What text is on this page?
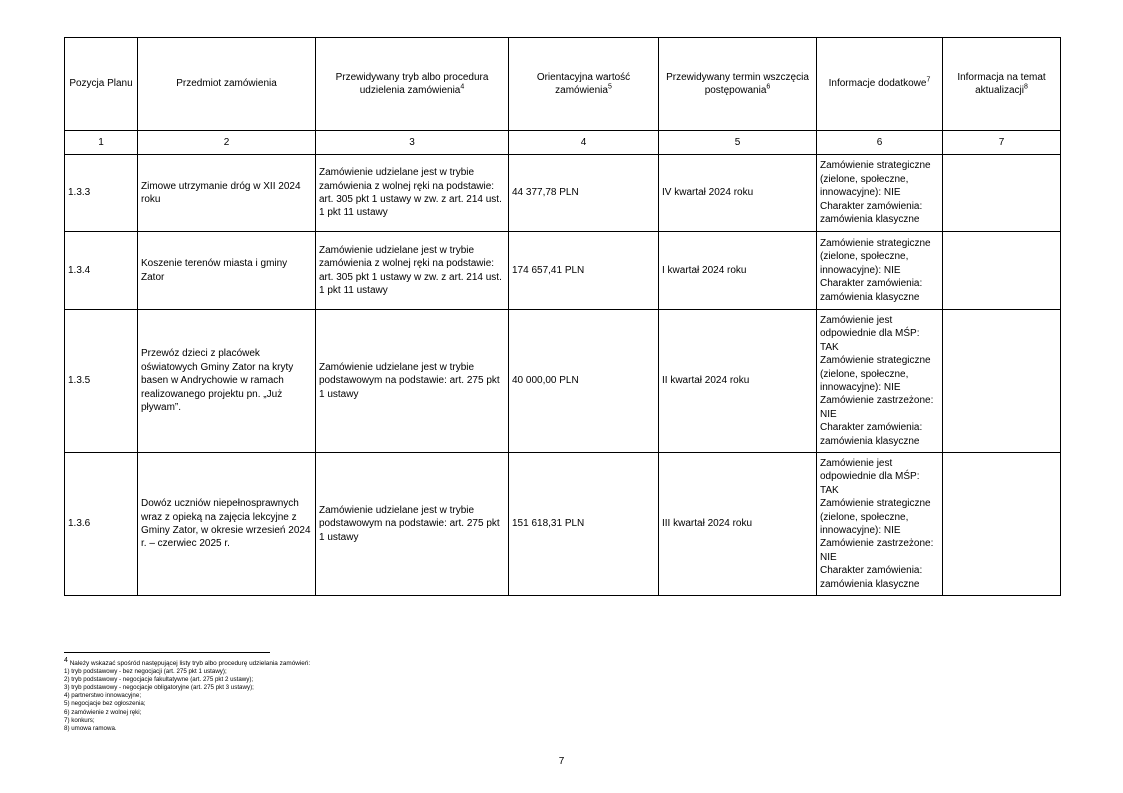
Pozycja Planu	Przedmiot zamówienia	Przewidywany tryb albo procedura udzielenia zamówienia$^4$	Orientacyjna wartość zamówienia$^5$	Przewidywany termin wszczęcia postępowania$^6$	Informacje dodatkowe$^7$	Informacja na temat aktualizacji$^8$
1	2	3	4	5	6	7
1.3.3	Zimowe utrzymanie dróg w XII 2024 roku	Zamówienie udzielane jest w trybie zamówienia z wolnej ręki na podstawie: art. 305 pkt 1 ustawy w zw. z art. 214 ust. 1 pkt 11 ustawy	44 377,78 PLN	IV kwartał 2024 roku	Zamówienie strategiczne (zielone, społeczne, innowacyjne): NIE
Charakter zamówienia: zamówienia klasyczne	
1.3.4	Koszenie terenów miasta i gminy Zator	Zamówienie udzielane jest w trybie zamówienia z wolnej ręki na podstawie: art. 305 pkt 1 ustawy w zw. z art. 214 ust. 1 pkt 11 ustawy	174 657,41 PLN	I kwartał 2024 roku	Zamówienie strategiczne (zielone, społeczne, innowacyjne): NIE
Charakter zamówienia: zamówienia klasyczne	
1.3.5	Przewóz dzieci z placówek oświatowych Gminy Zator na kryty basen w Andrychowie w ramach realizowanego projektu pn. „Już pływam”.	Zamówienie udzielane jest w trybie podstawowym na podstawie: art. 275 pkt 1 ustawy	40 000,00 PLN	II kwartał 2024 roku	Zamówienie jest odpowiednie dla MŚP: TAK
Zamówienie strategiczne (zielone, społeczne, innowacyjne): NIE
Zamówienie zastrzeżone: NIE
Charakter zamówienia: zamówienia klasyczne	
1.3.6	Dowóz uczniów niepełnosprawnych wraz z opieką na zajęcia lekcyjne z Gminy Zator, w okresie wrzesień 2024 r. – czerwiec 2025 r.	Zamówienie udzielane jest w trybie podstawowym na podstawie: art. 275 pkt 1 ustawy	151 618,31 PLN	III kwartał 2024 roku	Zamówienie jest odpowiednie dla MŚP: TAK
Zamówienie strategiczne (zielone, społeczne, innowacyjne): NIE
Zamówienie zastrzeżone: NIE
Charakter zamówienia: zamówienia klasyczne	
$^4$ Należy wskazać spośród następującej listy tryb albo procedurę udzielania zamówień:
1) tryb podstawowy - bez negocjacji (art. 275 pkt 1 ustawy);
2) tryb podstawowy - negocjacje fakultatywne (art. 275 pkt 2 ustawy);
3) tryb podstawowy - negocjacje obligatoryjne (art. 275 pkt 3 ustawy);
4) partnerstwo innowacyjne;
5) negocjacje bez ogłoszenia;
6) zamówienie z wolnej ręki;
7) konkurs;
8) umowa ramowa.
7
